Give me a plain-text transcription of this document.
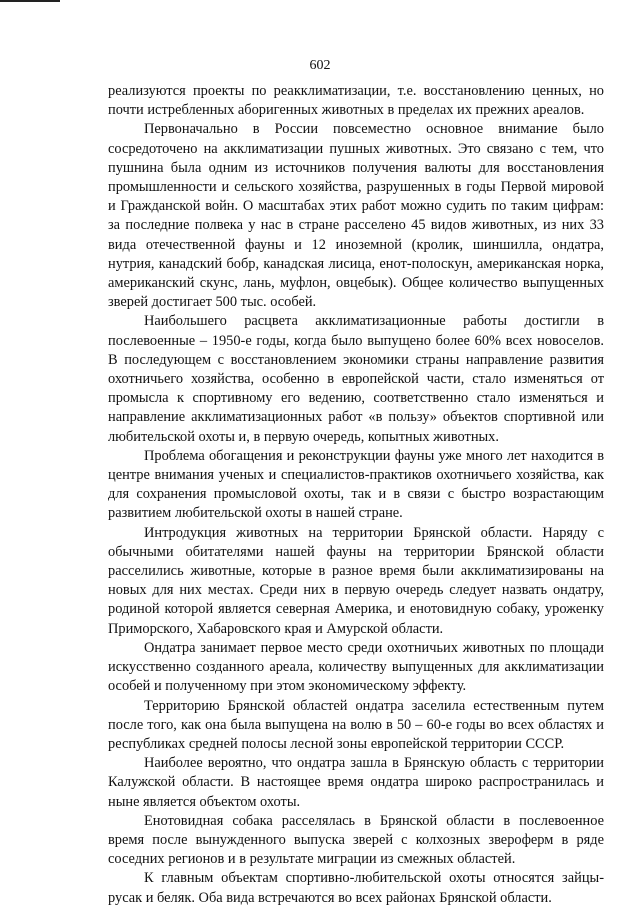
602

реализуются проекты по реакклиматизации, т.е. восстановлению ценных, но почти истребленных аборигенных животных в пределах их прежних ареалов.

Первоначально в России повсеместно основное внимание было сосредоточено на акклиматизации пушных животных. Это связано с тем, что пушнина была одним из источников получения валюты для восстановления промышленности и сельского хозяйства, разрушенных в годы Первой мировой и Гражданской войн. О масштабах этих работ можно судить по таким цифрам: за последние полвека у нас в стране расселено 45 видов животных, из них 33 вида отечественной фауны и 12 иноземной (кролик, шиншилла, ондатра, нутрия, канадский бобр, канадская лисица, енот-полоскун, американская норка, американский скунс, лань, муфлон, овцебык). Общее количество выпущенных зверей достигает 500 тыс. особей.

Наибольшего расцвета акклиматизационные работы достигли в послевоенные – 1950-е годы, когда было выпущено более 60% всех новоселов. В последующем с восстановлением экономики страны направление развития охотничьего хозяйства, особенно в европейской части, стало изменяться от промысла к спортивному его ведению, соответственно стало изменяться и направление акклиматизационных работ «в пользу» объектов спортивной или любительской охоты и, в первую очередь, копытных животных.

Проблема обогащения и реконструкции фауны уже много лет находится в центре внимания ученых и специалистов-практиков охотничьего хозяйства, как для сохранения промысловой охоты, так и в связи с быстро возрастающим развитием любительской охоты в нашей стране.

Интродукция животных на территории Брянской области. Наряду с обычными обитателями нашей фауны на территории Брянской области расселились животные, которые в разное время были акклиматизированы на новых для них местах. Среди них в первую очередь следует назвать ондатру, родиной которой является северная Америка, и енотовидную собаку, уроженку Приморского, Хабаровского края и Амурской области.

Ондатра занимает первое место среди охотничьих животных по площади искусственно созданного ареала, количеству выпущенных для акклиматизации особей и полученному при этом экономическому эффекту.

Территорию Брянской областей ондатра заселила естественным путем после того, как она была выпущена на волю в 50 – 60-е годы во всех областях и республиках средней полосы лесной зоны европейской территории СССР.

Наиболее вероятно, что ондатра зашла в Брянскую область с территории Калужской области. В настоящее время ондатра широко распространилась и ныне является объектом охоты.

Енотовидная собака расселялась в Брянской области в послевоенное время после вынужденного выпуска зверей с колхозных звероферм в ряде соседних регионов и в результате миграции из смежных областей.

К главным объектам спортивно-любительской охоты относятся зайцы-русак и беляк. Оба вида встречаются во всех районах Брянской области.
